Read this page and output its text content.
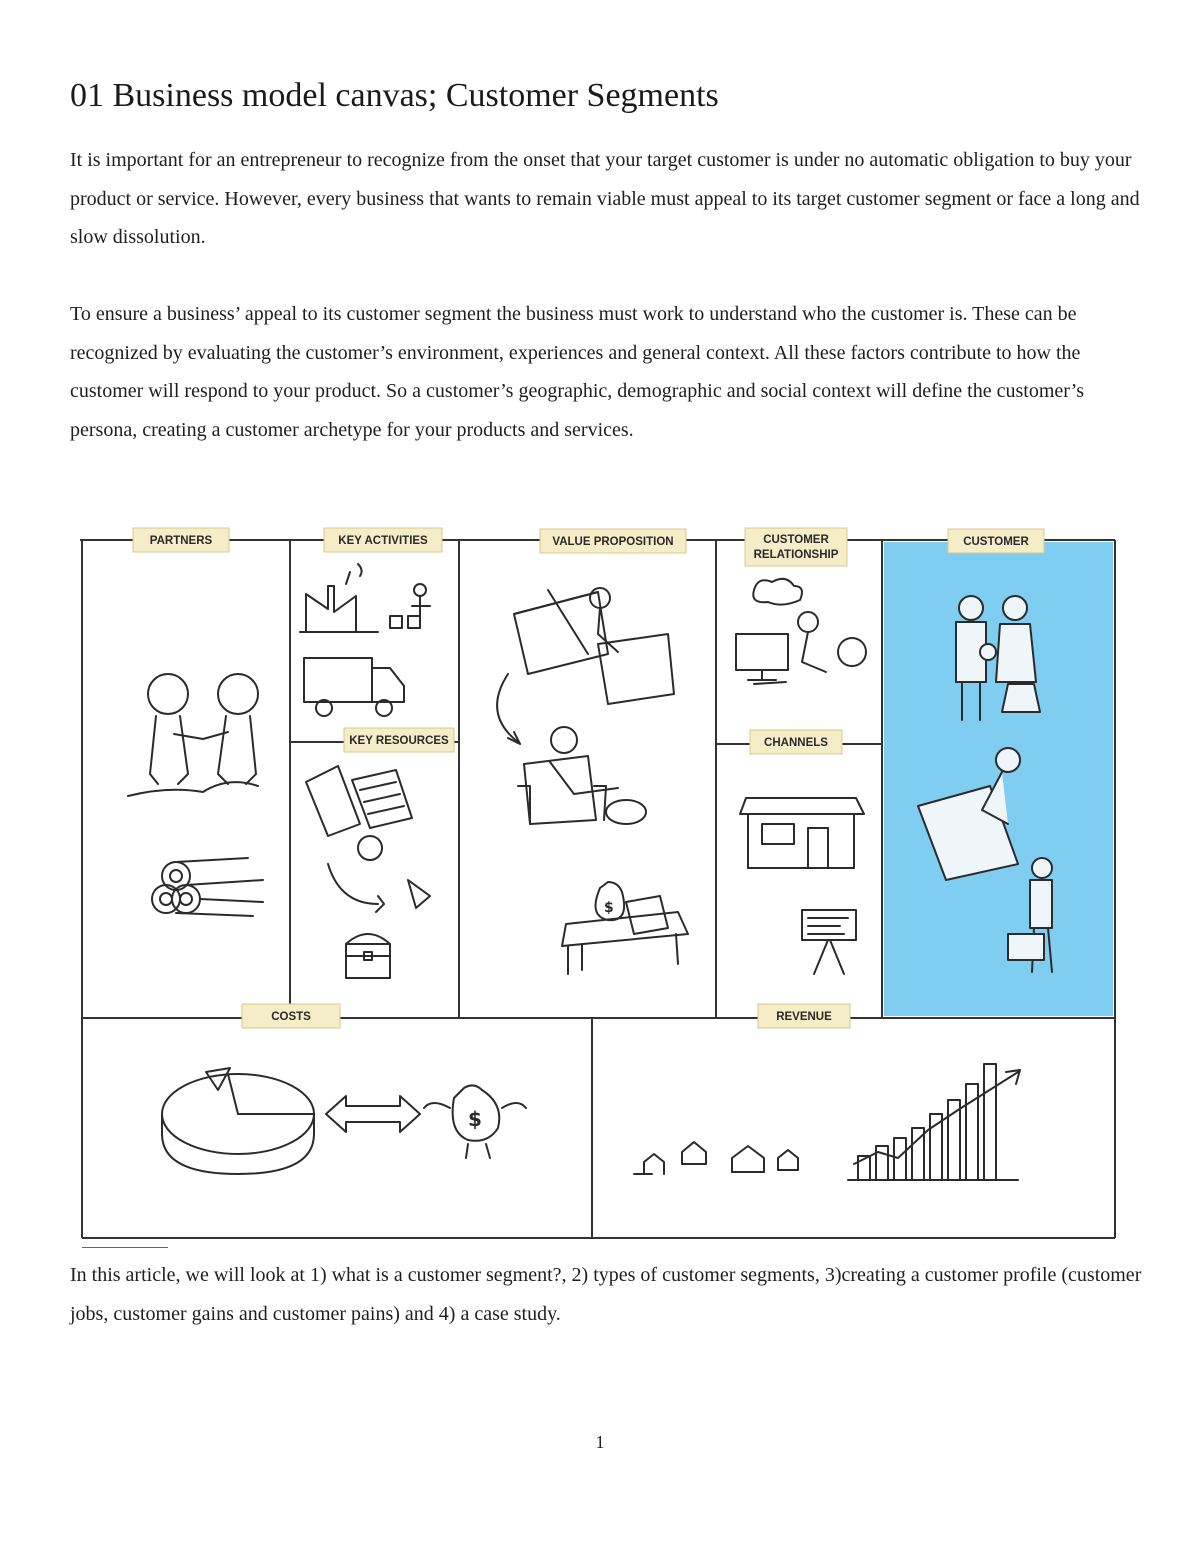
01 Business model canvas; Customer Segments

It is important for an entrepreneur to recognize from the onset that your target customer is under no automatic obligation to buy your product or service. However, every business that wants to remain viable must appeal to its target customer segment or face a long and slow dissolution.

To ensure a business’ appeal to its customer segment the business must work to understand who the customer is. These can be recognized by evaluating the customer’s environment, experiences and general context. All these factors contribute to how the customer will respond to your product. So a customer’s geographic, demographic and social context will define the customer’s persona, creating a customer archetype for your products and services.

PARTNERS	KEY ACTIVITIES	VALUE PROPOSITION	CUSTOMER
RELATIONSHIP
CUSTOMER
KEY RESOURCES	CHANNELS
COSTS	REVENUE
$
$

In this article, we will look at 1) what is a customer segment?, 2) types of customer segments, 3)creating a customer profile (customer jobs, customer gains and customer pains) and 4) a case study.

1
